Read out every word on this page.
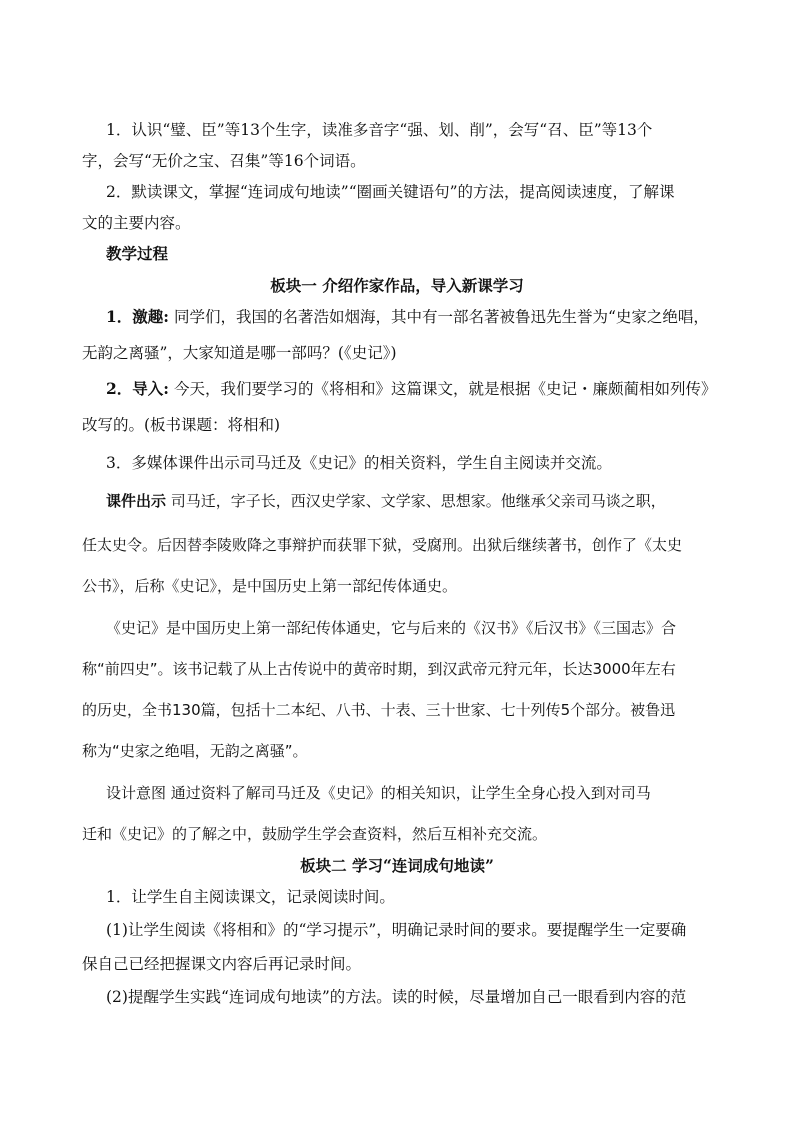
1．认识“璧、臣”等13个生字，读准多音字“强、划、削”，会写“召、臣”等13个

字，会写“无价之宝、召集”等16个词语。

2．默读课文，掌握“连词成句地读”“圈画关键语句”的方法，提高阅读速度，了解课

文的主要内容。

教学过程

板块一 介绍作家作品，导入新课学习

1．激趣: 同学们，我国的名著浩如烟海，其中有一部名著被鲁迅先生誉为“史家之绝唱，

无韵之离骚”，大家知道是哪一部吗？(《史记》)

2．导入: 今天，我们要学习的《将相和》这篇课文，就是根据《史记・廉颇蔺相如列传》

改写的。(板书课题：将相和)

3．多媒体课件出示司马迁及《史记》的相关资料，学生自主阅读并交流。

课件出示 司马迁，字子长，西汉史学家、文学家、思想家。他继承父亲司马谈之职，

任太史令。后因替李陵败降之事辩护而获罪下狱，受腐刑。出狱后继续著书，创作了《太史

公书》，后称《史记》，是中国历史上第一部纪传体通史。

《史记》是中国历史上第一部纪传体通史，它与后来的《汉书》《后汉书》《三国志》合

称“前四史”。该书记载了从上古传说中的黄帝时期，到汉武帝元狩元年，长达3000年左右

的历史，全书130篇，包括十二本纪、八书、十表、三十世家、七十列传5个部分。被鲁迅

称为“史家之绝唱，无韵之离骚”。

设计意图 通过资料了解司马迁及《史记》的相关知识，让学生全身心投入到对司马

迁和《史记》的了解之中，鼓励学生学会查资料，然后互相补充交流。

板块二 学习“连词成句地读”

1．让学生自主阅读课文，记录阅读时间。

(1)让学生阅读《将相和》的“学习提示”，明确记录时间的要求。要提醒学生一定要确

保自己已经把握课文内容后再记录时间。

(2)提醒学生实践“连词成句地读”的方法。读的时候，尽量增加自己一眼看到内容的范
